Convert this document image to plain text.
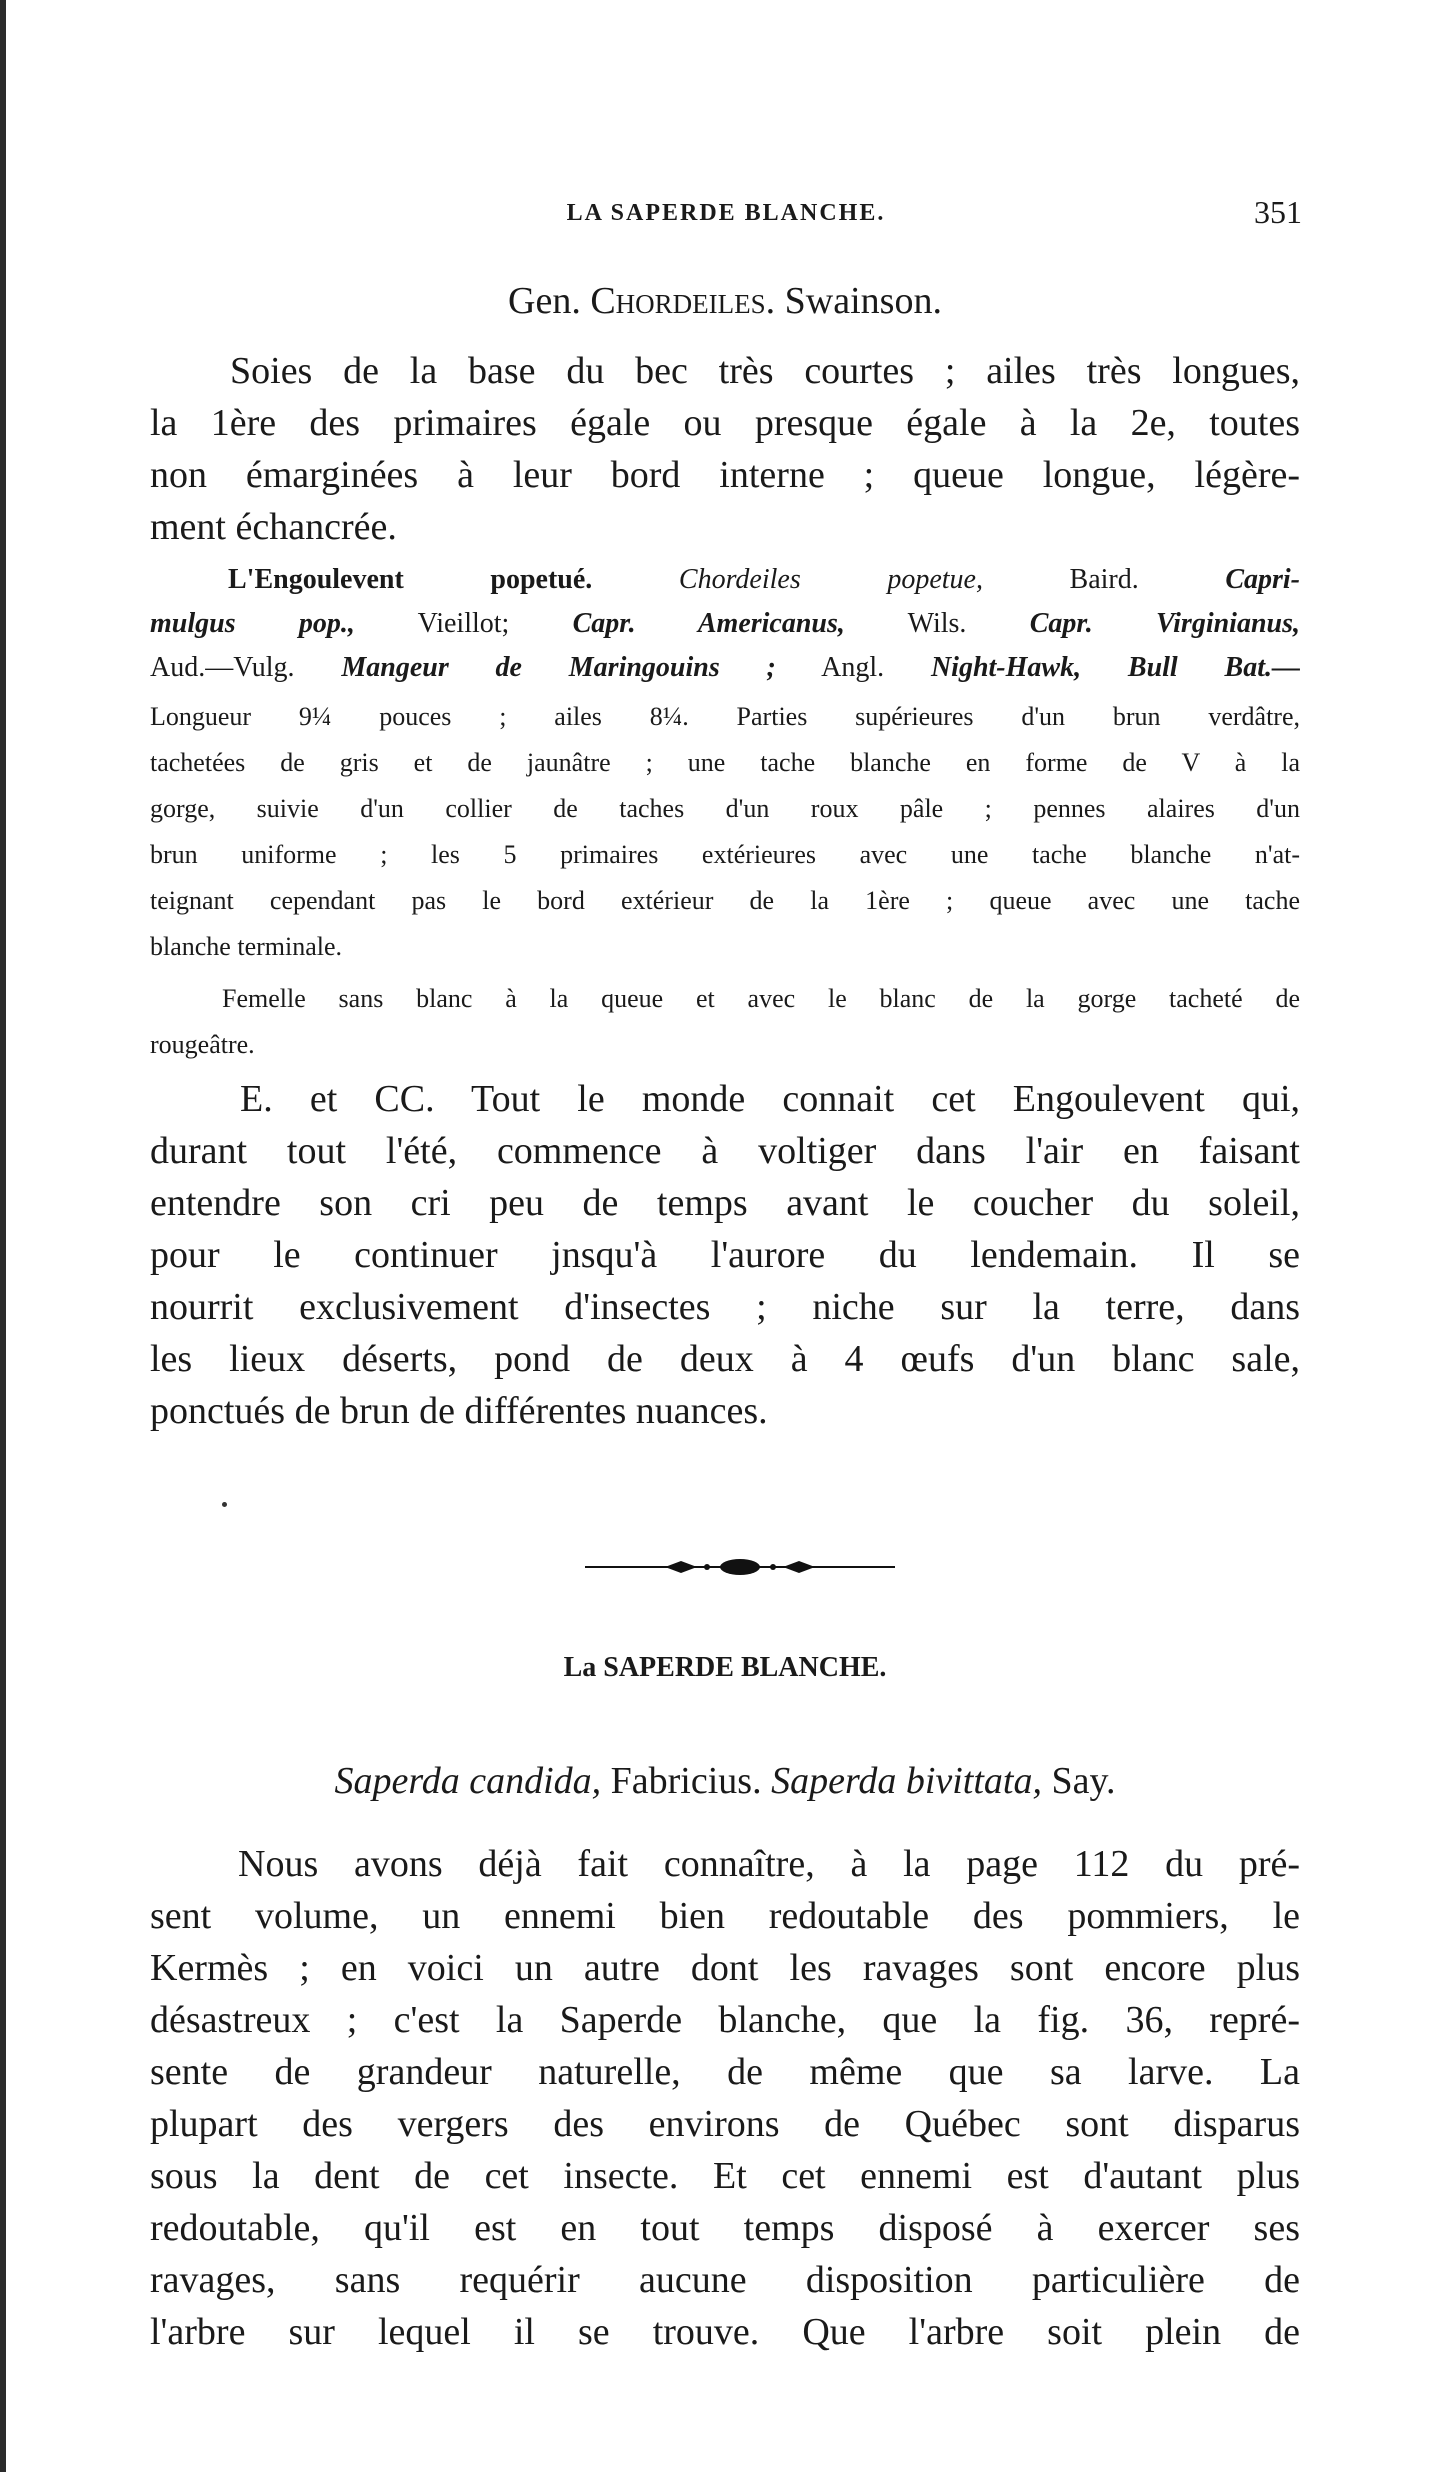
LA SAPERDE BLANCHE.	351
Gen. Chordeiles. Swainson.
Soies de la base du bec très courtes ; ailes très longues,
la 1ère des primaires égale ou presque égale à la 2e, toutes
non émarginées à leur bord interne ; queue longue, légère-
ment échancrée.
L'Engoulevent popetué.	Chordeiles popetue, Baird. Capri-
mulgus pop., Vieillot; Capr. Americanus, Wils. Capr. Virginianus,
Aud.—Vulg. Mangeur de Maringouins ; Angl. Night-Hawk, Bull Bat.—
Longueur 9¼ pouces ; ailes 8¼. Parties supérieures d'un brun verdâtre,
tachetées de gris et de jaunâtre ; une tache blanche en forme de V à la
gorge, suivie d'un collier de taches d'un roux pâle ; pennes alaires d'un
brun uniforme ; les 5 primaires extérieures avec une tache blanche n'at-
teignant cependant pas le bord extérieur de la 1ère ; queue avec une tache
blanche terminale.
Femelle sans blanc à la queue et avec le blanc de la gorge tacheté de
rougeâtre.
E. et CC. Tout le monde connait cet Engoulevent qui,
durant tout l'été, commence à voltiger dans l'air en faisant
entendre son cri peu de temps avant le coucher du soleil,
pour le continuer jnsqu'à l'aurore du lendemain. Il se
nourrit exclusivement d'insectes ; niche sur la terre, dans
les lieux déserts, pond de deux à 4 œufs d'un blanc sale,
ponctués de brun de différentes nuances.
La SAPERDE BLANCHE.
Saperda candida, Fabricius. Saperda bivittata, Say.
Nous avons déjà fait connaître, à la page 112 du pré-
sent volume, un ennemi bien redoutable des pommiers, le
Kermès ; en voici un autre dont les ravages sont encore plus
désastreux ; c'est la Saperde blanche, que la fig. 36, repré-
sente de grandeur naturelle, de même que sa larve. La
plupart des vergers des environs de Québec sont disparus
sous la dent de cet insecte. Et cet ennemi est d'autant plus
redoutable, qu'il est en tout temps disposé à exercer ses
ravages, sans requérir aucune disposition particulière de
l'arbre sur lequel il se trouve. Que l'arbre soit plein de
